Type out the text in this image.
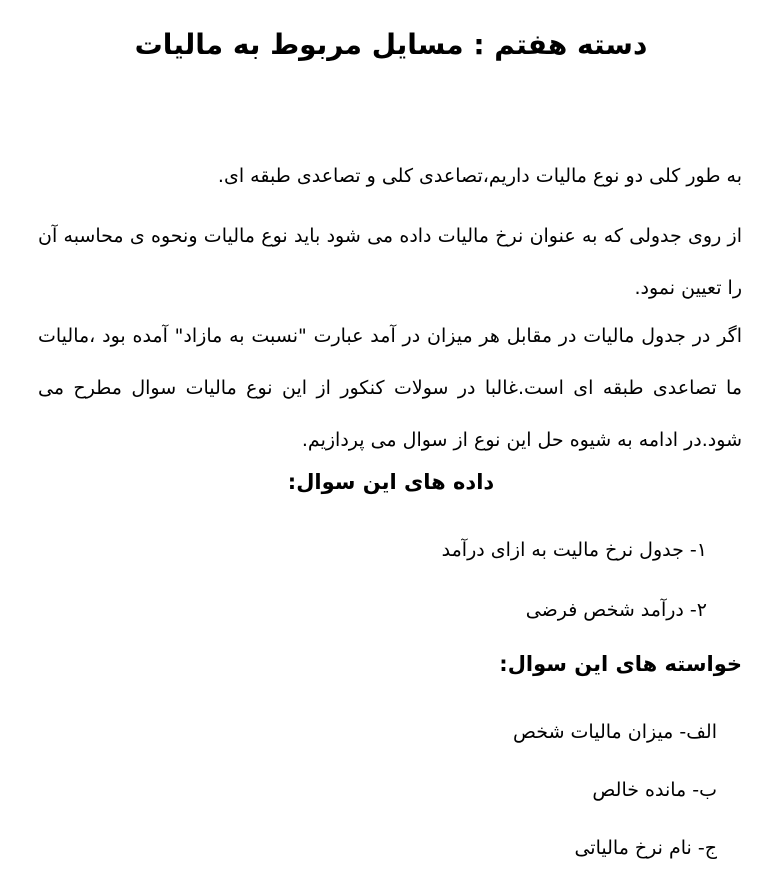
دسته هفتم : مسایل مربوط به مالیات

به طور کلی دو نوع مالیات داریم،تصاعدی کلی و تصاعدی طبقه ای.

از روی جدولی که به عنوان نرخ مالیات داده می شود باید نوع مالیات ونحوه ی محاسبه آن را تعیین نمود.

اگر در جدول مالیات در مقابل هر میزان در آمد عبارت "نسبت به مازاد" آمده بود ،مالیات ما تصاعدی طبقه ای است.غالبا در سولات کنکور از این نوع مالیات سوال مطرح می شود.در ادامه به شیوه حل این نوع از سوال می پردازیم.

داده های این سوال:
۱- جدول نرخ مالیت به ازای درآمد
۲- درآمد شخص فرضی
خواسته های این سوال:
الف- میزان مالیات شخص
ب- مانده خالص
ج- نام نرخ مالیاتی
